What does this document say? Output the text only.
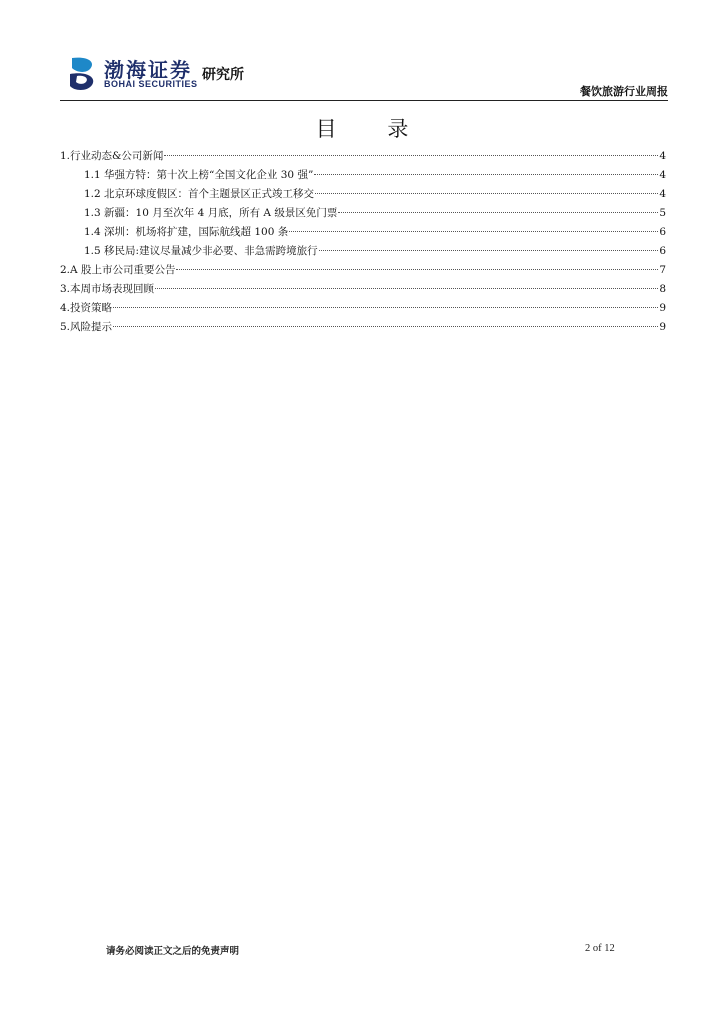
渤海证券
BOHAI SECURITIES
研究所
餐饮旅游行业周报
目 录
1.行业动态&公司新闻	4
1.1 华强方特：第十次上榜“全国文化企业 30 强”	4
1.2 北京环球度假区：首个主题景区正式竣工移交	4
1.3 新疆：10 月至次年 4 月底，所有 A 级景区免门票	5
1.4 深圳：机场将扩建，国际航线超 100 条	6
1.5 移民局:建议尽量减少非必要、非急需跨境旅行	6
2.A 股上市公司重要公告	7
3.本周市场表现回顾	8
4.投资策略	9
5.风险提示	9
请务必阅读正文之后的免责声明	2 of 12
